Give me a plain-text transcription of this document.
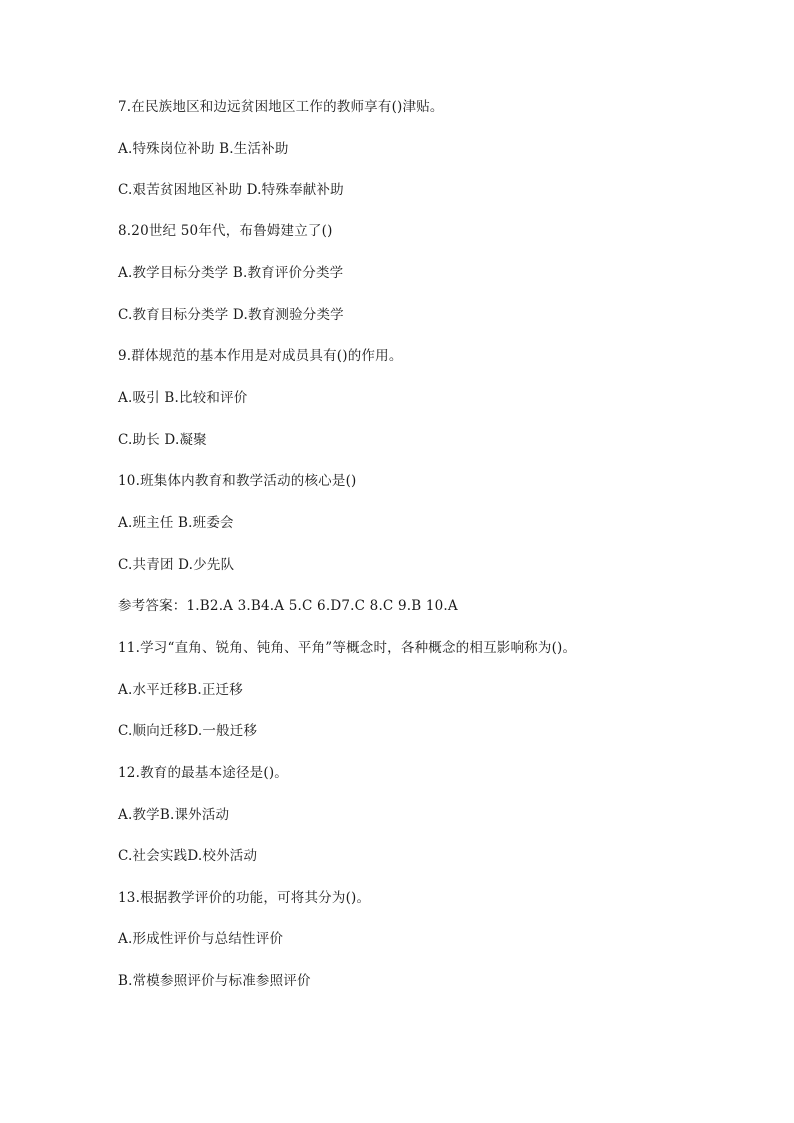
7.在民族地区和边远贫困地区工作的教师享有()津贴。
A.特殊岗位补助 B.生活补助
C.艰苦贫困地区补助 D.特殊奉献补助
8.20世纪 50年代，布鲁姆建立了()
A.教学目标分类学 B.教育评价分类学
C.教育目标分类学 D.教育测验分类学
9.群体规范的基本作用是对成员具有()的作用。
A.吸引 B.比较和评价
C.助长 D.凝聚
10.班集体内教育和教学活动的核心是()
A.班主任 B.班委会
C.共青团 D.少先队
参考答案：1.B2.A 3.B4.A 5.C 6.D7.C 8.C 9.B 10.A
11.学习“直角、锐角、钝角、平角”等概念时，各种概念的相互影响称为()。
A.水平迁移B.正迁移
C.顺向迁移D.一般迁移
12.教育的最基本途径是()。
A.教学B.课外活动
C.社会实践D.校外活动
13.根据教学评价的功能，可将其分为()。
A.形成性评价与总结性评价
B.常模参照评价与标准参照评价
